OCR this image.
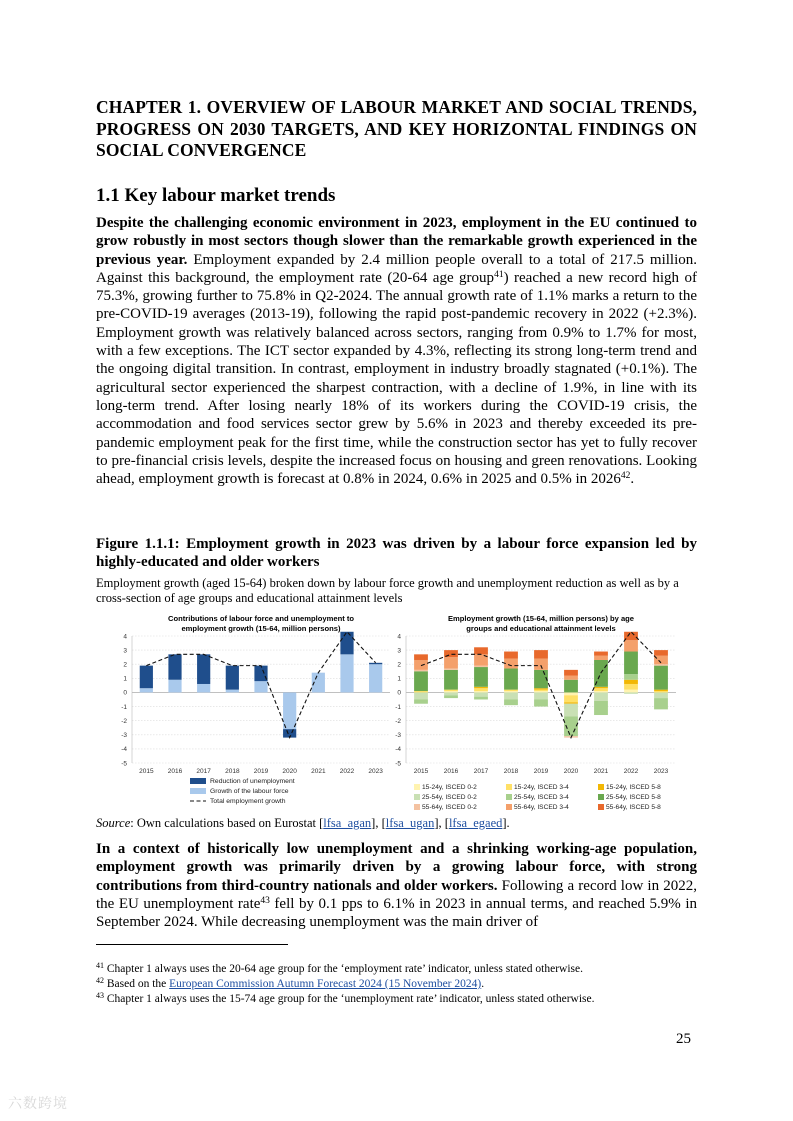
CHAPTER 1. OVERVIEW OF LABOUR MARKET AND SOCIAL TRENDS, PROGRESS ON 2030 TARGETS, AND KEY HORIZONTAL FINDINGS ON SOCIAL CONVERGENCE
1.1 Key labour market trends
Despite the challenging economic environment in 2023, employment in the EU continued to grow robustly in most sectors though slower than the remarkable growth experienced in the previous year. Employment expanded by 2.4 million people overall to a total of 217.5 million. Against this background, the employment rate (20-64 age group$^{41}$) reached a new record high of 75.3%, growing further to 75.8% in Q2-2024. The annual growth rate of 1.1% marks a return to the pre-COVID-19 averages (2013-19), following the rapid post-pandemic recovery in 2022 (+2.3%). Employment growth was relatively balanced across sectors, ranging from 0.9% to 1.7% for most, with a few exceptions. The ICT sector expanded by 4.3%, reflecting its strong long-term trend and the ongoing digital transition. In contrast, employment in industry broadly stagnated (+0.1%). The agricultural sector experienced the sharpest contraction, with a decline of 1.9%, in line with its long-term trend. After losing nearly 18% of its workers during the COVID-19 crisis, the accommodation and food services sector grew by 5.6% in 2023 and thereby exceeded its pre-pandemic employment peak for the first time, while the construction sector has yet to fully recover to pre-financial crisis levels, despite the increased focus on housing and green renovations. Looking ahead, employment growth is forecast at 0.8% in 2024, 0.6% in 2025 and 0.5% in 2026$^{42}$.
Figure 1.1.1: Employment growth in 2023 was driven by a labour force expansion led by highly-educated and older workers
Employment growth (aged 15-64) broken down by labour force growth and unemployment reduction as well as by a cross-section of age groups and educational attainment levels
Contributions of labour force and unemployment to
employment growth (15-64, million persons)
4
3
2
1
0
-1
-2
-3
-4
-5
2015 2016 2017 2018 2019 2020 2021 2022 2023
Reduction of unemployment
Growth of the labour force
Total employment growth
Employment growth (15-64, million persons) by age
groups and educational attainment levels
4
3
2
1
0
-1
-2
-3
-4
-5
2015 2016 2017 2018 2019 2020 2021 2022 2023
15-24y, ISCED 0-2	15-24y, ISCED 3-4	15-24y, ISCED 5-8
25-54y, ISCED 0-2	25-54y, ISCED 3-4	25-54y, ISCED 5-8
55-64y, ISCED 0-2	55-64y, ISCED 3-4	55-64y, ISCED 5-8
Source: Own calculations based on Eurostat [lfsa_agan], [lfsa_ugan], [lfsa_egaed].
In a context of historically low unemployment and a shrinking working-age population, employment growth was primarily driven by a growing labour force, with strong contributions from third-country nationals and older workers. Following a record low in 2022, the EU unemployment rate$^{43}$ fell by 0.1 pps to 6.1% in 2023 in annual terms, and reached 5.9% in September 2024. While decreasing unemployment was the main driver of
$^{41}$ Chapter 1 always uses the 20-64 age group for the ‘employment rate’ indicator, unless stated otherwise.
$^{42}$ Based on the European Commission Autumn Forecast 2024 (15 November 2024).
$^{43}$ Chapter 1 always uses the 15-74 age group for the ‘unemployment rate’ indicator, unless stated otherwise.
25
六数跨境
